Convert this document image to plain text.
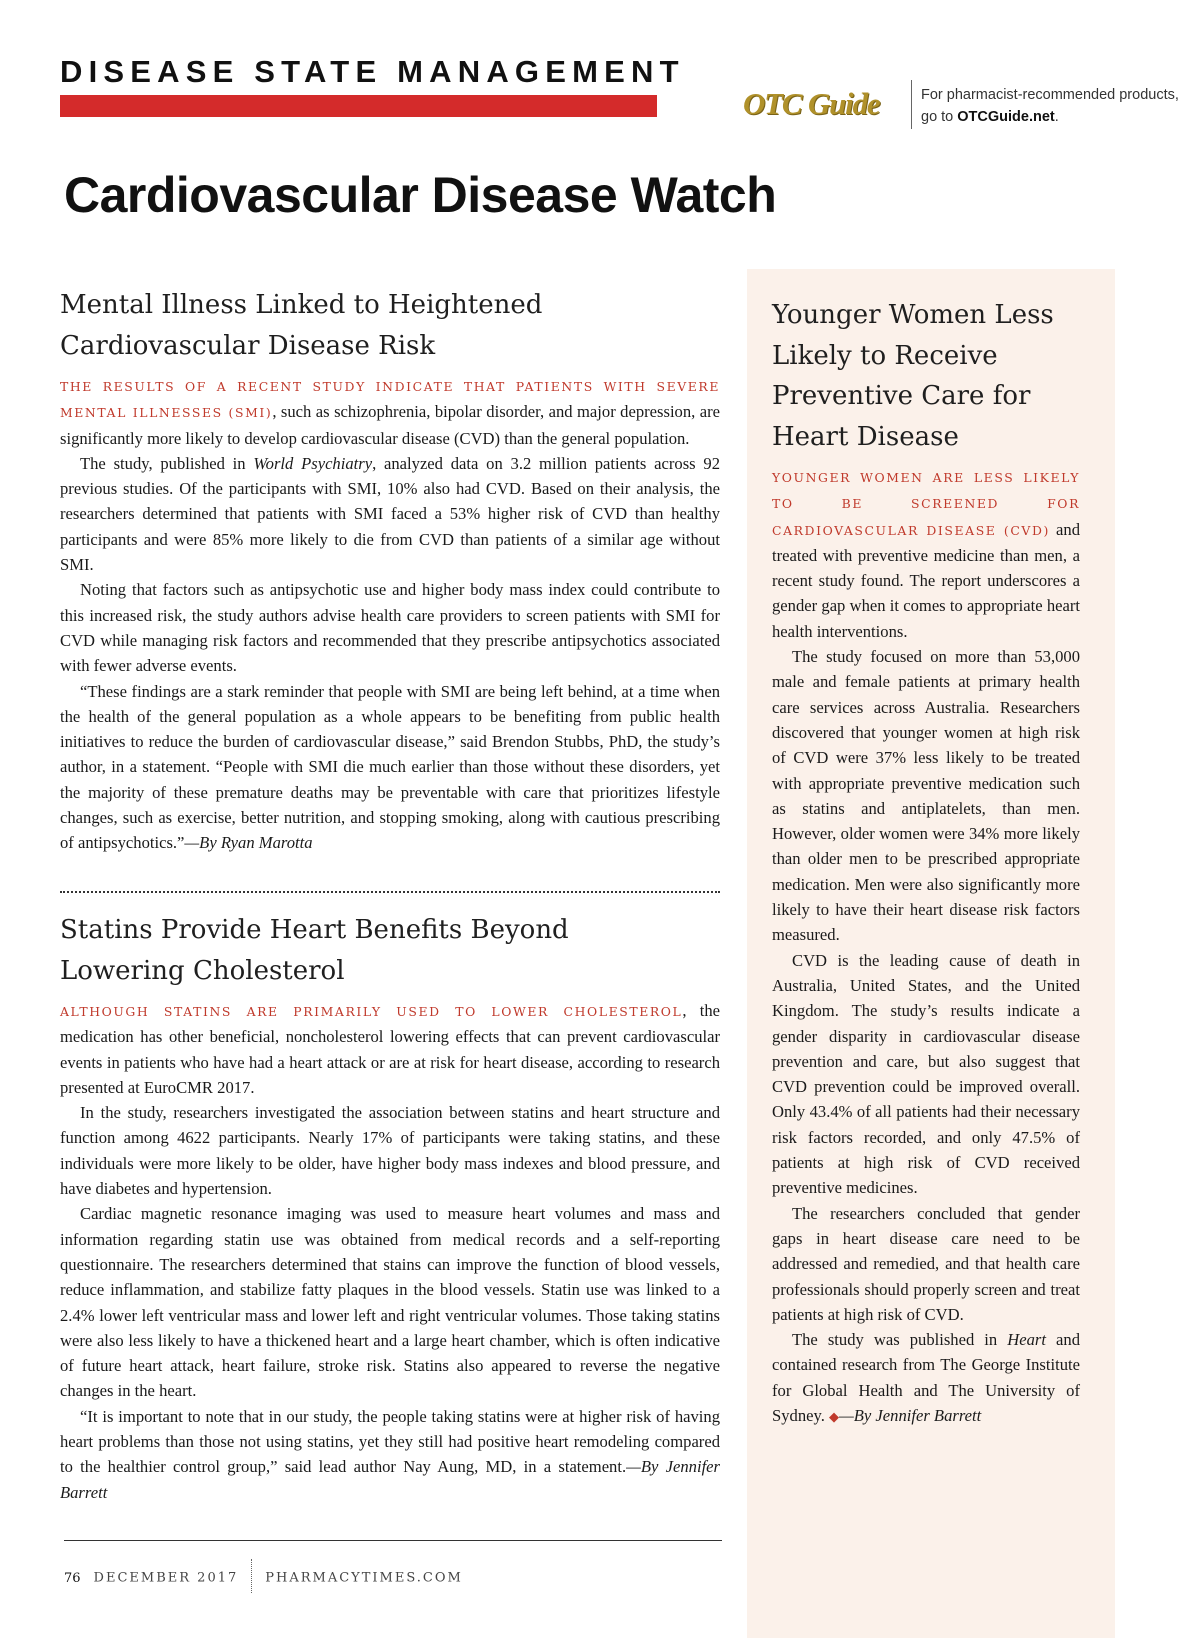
DISEASE STATE MANAGEMENT
OTC Guide	For pharmacist-recommended products, go to OTCGuide.net.
Cardiovascular Disease Watch
Mental Illness Linked to Heightened Cardiovascular Disease Risk

THE RESULTS OF A RECENT STUDY INDICATE THAT PATIENTS WITH SEVERE MENTAL ILLNESSES (SMI), such as schizophrenia, bipolar disorder, and major depression, are significantly more likely to develop cardiovascular disease (CVD) than the general population.

The study, published in World Psychiatry, analyzed data on 3.2 million patients across 92 previous studies. Of the participants with SMI, 10% also had CVD. Based on their analysis, the researchers determined that patients with SMI faced a 53% higher risk of CVD than healthy participants and were 85% more likely to die from CVD than patients of a similar age without SMI.

Noting that factors such as antipsychotic use and higher body mass index could contribute to this increased risk, the study authors advise health care providers to screen patients with SMI for CVD while managing risk factors and recommended that they prescribe antipsychotics associated with fewer adverse events.

“These findings are a stark reminder that people with SMI are being left behind, at a time when the health of the general population as a whole appears to be benefiting from public health initiatives to reduce the burden of cardiovascular disease,” said Brendon Stubbs, PhD, the study’s author, in a statement. “People with SMI die much earlier than those without these disorders, yet the majority of these premature deaths may be preventable with care that prioritizes lifestyle changes, such as exercise, better nutrition, and stopping smoking, along with cautious prescribing of antipsychotics.”—By Ryan Marotta

Statins Provide Heart Benefits Beyond Lowering Cholesterol

ALTHOUGH STATINS ARE PRIMARILY USED TO LOWER CHOLESTEROL, the medication has other beneficial, noncholesterol lowering effects that can prevent cardiovascular events in patients who have had a heart attack or are at risk for heart disease, according to research presented at EuroCMR 2017.

In the study, researchers investigated the association between statins and heart structure and function among 4622 participants. Nearly 17% of participants were taking statins, and these individuals were more likely to be older, have higher body mass indexes and blood pressure, and have diabetes and hypertension.

Cardiac magnetic resonance imaging was used to measure heart volumes and mass and information regarding statin use was obtained from medical records and a self-reporting questionnaire. The researchers determined that stains can improve the function of blood vessels, reduce inflammation, and stabilize fatty plaques in the blood vessels. Statin use was linked to a 2.4% lower left ventricular mass and lower left and right ventricular volumes. Those taking statins were also less likely to have a thickened heart and a large heart chamber, which is often indicative of future heart attack, heart failure, stroke risk. Statins also appeared to reverse the negative changes in the heart.

“It is important to note that in our study, the people taking statins were at higher risk of having heart problems than those not using statins, yet they still had positive heart remodeling compared to the healthier control group,” said lead author Nay Aung, MD, in a statement.—By Jennifer Barrett

Younger Women Less Likely to Receive Preventive Care for Heart Disease

YOUNGER WOMEN ARE LESS LIKELY TO BE SCREENED FOR CARDIOVASCULAR DISEASE (CVD) and treated with preventive medicine than men, a recent study found. The report underscores a gender gap when it comes to appropriate heart health interventions.

The study focused on more than 53,000 male and female patients at primary health care services across Australia. Researchers discovered that younger women at high risk of CVD were 37% less likely to be treated with appropriate preventive medication such as statins and antiplatelets, than men. However, older women were 34% more likely than older men to be prescribed appropriate medication. Men were also significantly more likely to have their heart disease risk factors measured.

CVD is the leading cause of death in Australia, United States, and the United Kingdom. The study’s results indicate a gender disparity in cardiovascular disease prevention and care, but also suggest that CVD prevention could be improved overall. Only 43.4% of all patients had their necessary risk factors recorded, and only 47.5% of patients at high risk of CVD received preventive medicines.

The researchers concluded that gender gaps in heart disease care need to be addressed and remedied, and that health care professionals should properly screen and treat patients at high risk of CVD.

The study was published in Heart and contained research from The George Institute for Global Health and The University of Sydney. ◆—By Jennifer Barrett

76 DECEMBER 2017 PHARMACYTIMES.COM
